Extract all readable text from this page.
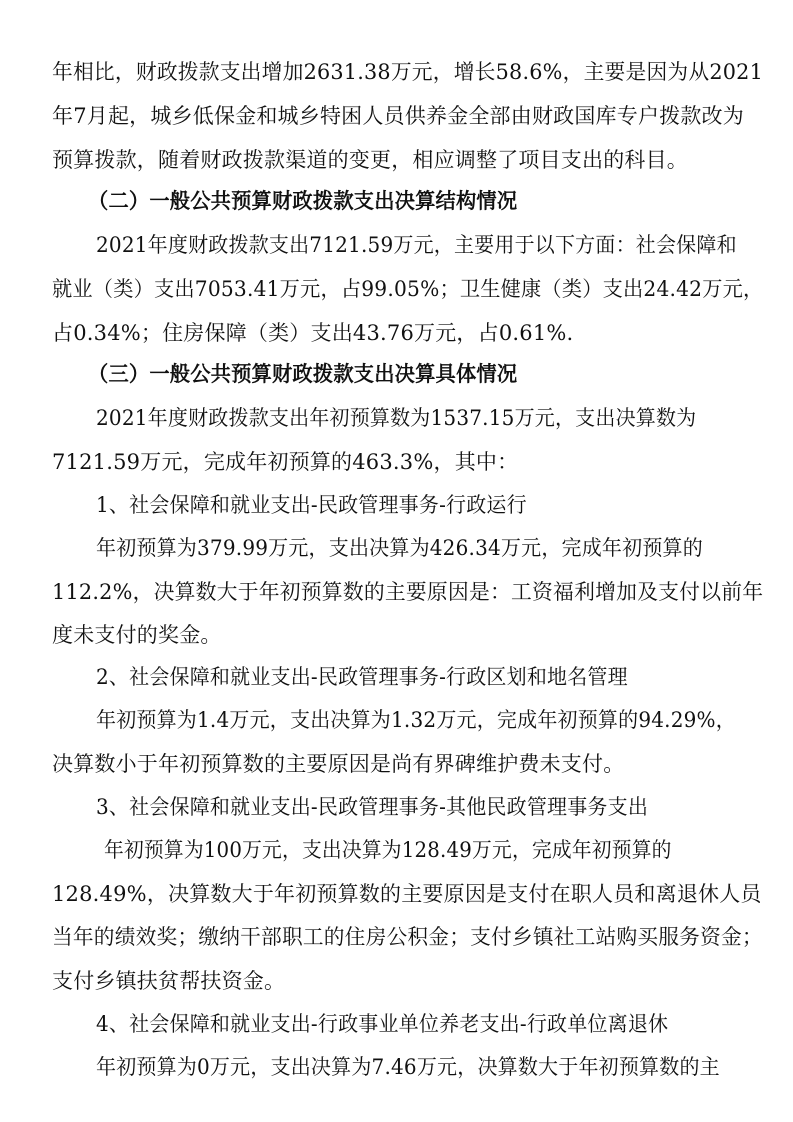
年相比，财政拨款支出增加2631.38万元，增长58.6%，主要是因为从2021
年7月起，城乡低保金和城乡特困人员供养金全部由财政国库专户拨款改为
预算拨款，随着财政拨款渠道的变更，相应调整了项目支出的科目。
（二）一般公共预算财政拨款支出决算结构情况
2021年度财政拨款支出7121.59万元，主要用于以下方面：社会保障和
就业（类）支出7053.41万元，占99.05%；卫生健康（类）支出24.42万元，
占0.34%；住房保障（类）支出43.76万元，占0.61%.
（三）一般公共预算财政拨款支出决算具体情况
2021年度财政拨款支出年初预算数为1537.15万元，支出决算数为
7121.59万元，完成年初预算的463.3%，其中：
1、社会保障和就业支出-民政管理事务-行政运行
年初预算为379.99万元，支出决算为426.34万元，完成年初预算的
112.2%，决算数大于年初预算数的主要原因是：工资福利增加及支付以前年
度未支付的奖金。
2、社会保障和就业支出-民政管理事务-行政区划和地名管理
年初预算为1.4万元，支出决算为1.32万元，完成年初预算的94.29%，
决算数小于年初预算数的主要原因是尚有界碑维护费未支付。
3、社会保障和就业支出-民政管理事务-其他民政管理事务支出
年初预算为100万元，支出决算为128.49万元，完成年初预算的
128.49%，决算数大于年初预算数的主要原因是支付在职人员和离退休人员
当年的绩效奖；缴纳干部职工的住房公积金；支付乡镇社工站购买服务资金；
支付乡镇扶贫帮扶资金。
4、社会保障和就业支出-行政事业单位养老支出-行政单位离退休
年初预算为0万元，支出决算为7.46万元，决算数大于年初预算数的主
